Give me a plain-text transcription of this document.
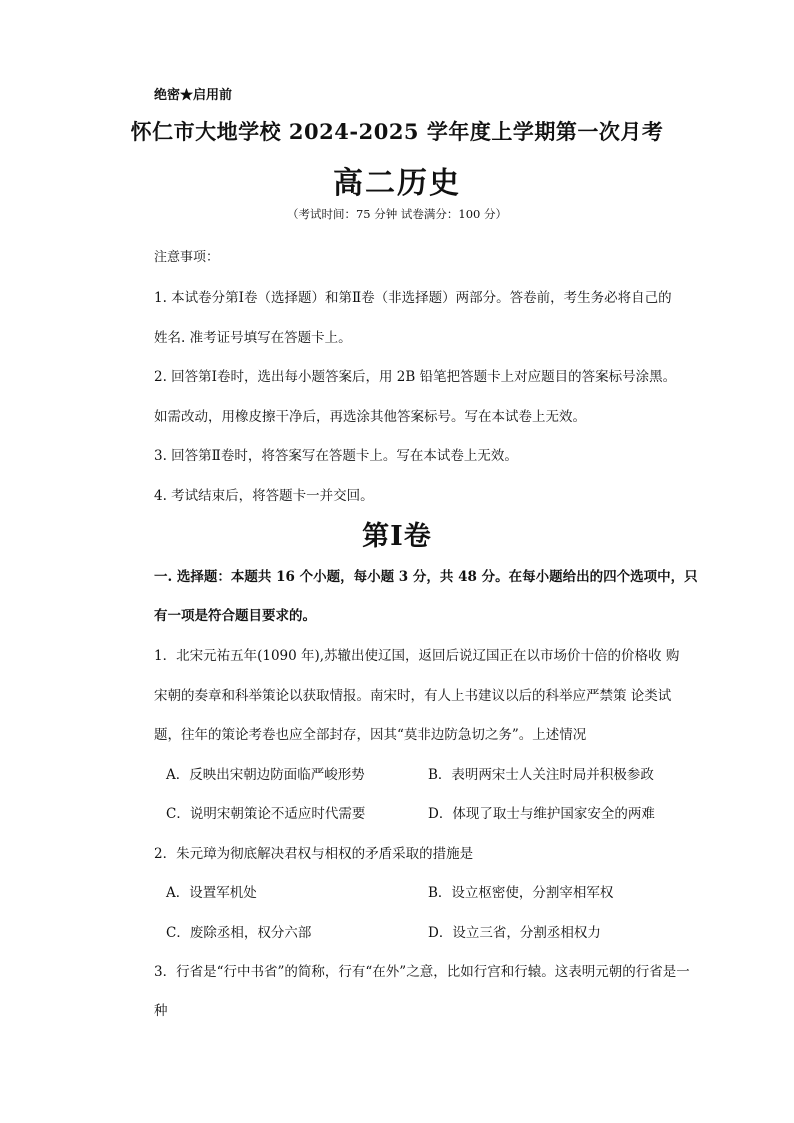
绝密★启用前
怀仁市大地学校 2024-2025 学年度上学期第一次月考
高二历史
（考试时间：75 分钟 试卷满分：100 分）
注意事项：
1. 本试卷分第Ⅰ卷（选择题）和第Ⅱ卷（非选择题）两部分。答卷前，考生务必将自己的
姓名. 准考证号填写在答题卡上。
2. 回答第Ⅰ卷时，选出每小题答案后，用 2B 铅笔把答题卡上对应题目的答案标号涂黑。
如需改动，用橡皮擦干净后，再选涂其他答案标号。写在本试卷上无效。
3. 回答第Ⅱ卷时，将答案写在答题卡上。写在本试卷上无效。
4. 考试结束后，将答题卡一并交回。
第Ⅰ卷
一. 选择题：本题共 16 个小题，每小题 3 分，共 48 分。在每小题给出的四个选项中，只
有一项是符合题目要求的。
1．北宋元祐五年(1090 年),苏辙出使辽国，返回后说辽国正在以市场价十倍的价格收 购
宋朝的奏章和科举策论以获取情报。南宋时，有人上书建议以后的科举应严禁策 论类试
题，往年的策论考卷也应全部封存，因其“莫非边防急切之务”。上述情况
A．反映出宋朝边防面临严峻形势	B．表明两宋士人关注时局并积极参政
C．说明宋朝策论不适应时代需要	D．体现了取士与维护国家安全的两难
2．朱元璋为彻底解决君权与相权的矛盾采取的措施是
A．设置军机处	B．设立枢密使，分割宰相军权
C．废除丞相，权分六部	D．设立三省，分割丞相权力
3．行省是“行中书省”的简称，行有“在外”之意，比如行宫和行辕。这表明元朝的行省是一
种
